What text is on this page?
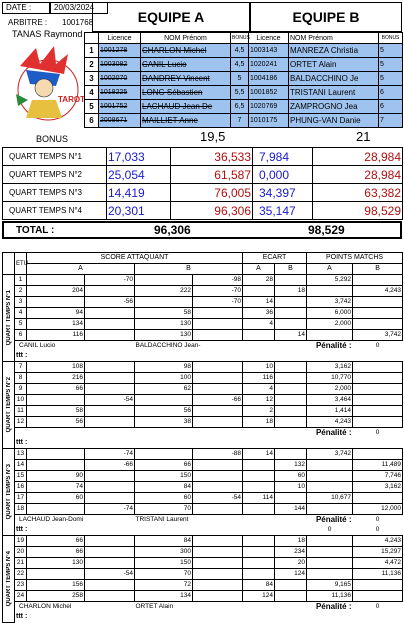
DATE :	20/03/2024
ARBITRE : 1001768
TANAS Raymond
TAROT
EQUIPE A	EQUIPE B
	Licence	NOM Prénom	BONUS	Licence	NOM Prénom	BONUS
1	1001278	CHARLON Michel	4,5	1003143	MANREZA Christia	5
2	1003082	CANIL Lucio	4,5	1020241	ORTET Alain	5
3	1002070	DANDREY Vincent	5	1004186	BALDACCHINO Je	5
4	1018225	LONG Sébastien	5,5	1001852	TRISTANI Laurent	6
5	1001752	LACHAUD Jean De	6,5	1020769	ZAMPROGNO Jea	6
6	2008671	MAILLIET Anne	7	1010175	PHUNG-VAN Danie	7
BONUS	19,5	21
QUART TEMPS N°1	17,033	36,533	7,984	28,984
QUART TEMPS N°2	25,054	61,587	0,000	28,984
QUART TEMPS N°3	14,419	76,005	34,397	63,382
QUART TEMPS N°4	20,301	96,306	35,147	98,529
TOTAL :	96,306	98,529
	ETU	SCORE ATTAQUANT				ECART		POINTS MATCHS		
		A		B		A	B	A	B	

QUART TEMPS N°1	1		-70		-98	28		5,292		
	2	204		222	-70		18		4,243	
	3		-56		-70	14		3,742		
	4	94		58		36		6,000		
	5	134		130		4		2,000		
	6	116		130			14		3,742	
	CANIL Lucio			BALDACCHINO Jean-			Pénalité :		0	
	ttt :									

QUART TEMPS N°2	7	108		98		10		3,162		
	8	216		100		116		10,770		
	9	66		62		4		2,000		
	10		-54		-66	12		3,464		
	11	58		56		2		1,414		
	12	56		38		18		4,243		
							Pénalité :		0	
	ttt :									

QUART TEMPS N°3	13		-74		-88	14		3,742		
	14		-66	66			132		11,489	
	15	90		150			60		7,746	
	16	74		84			10		3,162	
	17	60		60	-54	114		10,677		
	18		-74	70			144		12,000	
	LACHAUD Jean-Domi			TRISTANI Laurent			Pénalité :		0	
	ttt :							0	0	

QUART TEMPS N°4	19	66		84			18		4,243	
	20	66		300			234		15,297	
	21	130		150			20		4,472	
	22		-54	70			124		11,136	
	23	156		72		84		9,165		
	24	258		134		124		11,136		
	CHARLON Michel			ORTET Alain			Pénalité :		0	
	ttt :									
